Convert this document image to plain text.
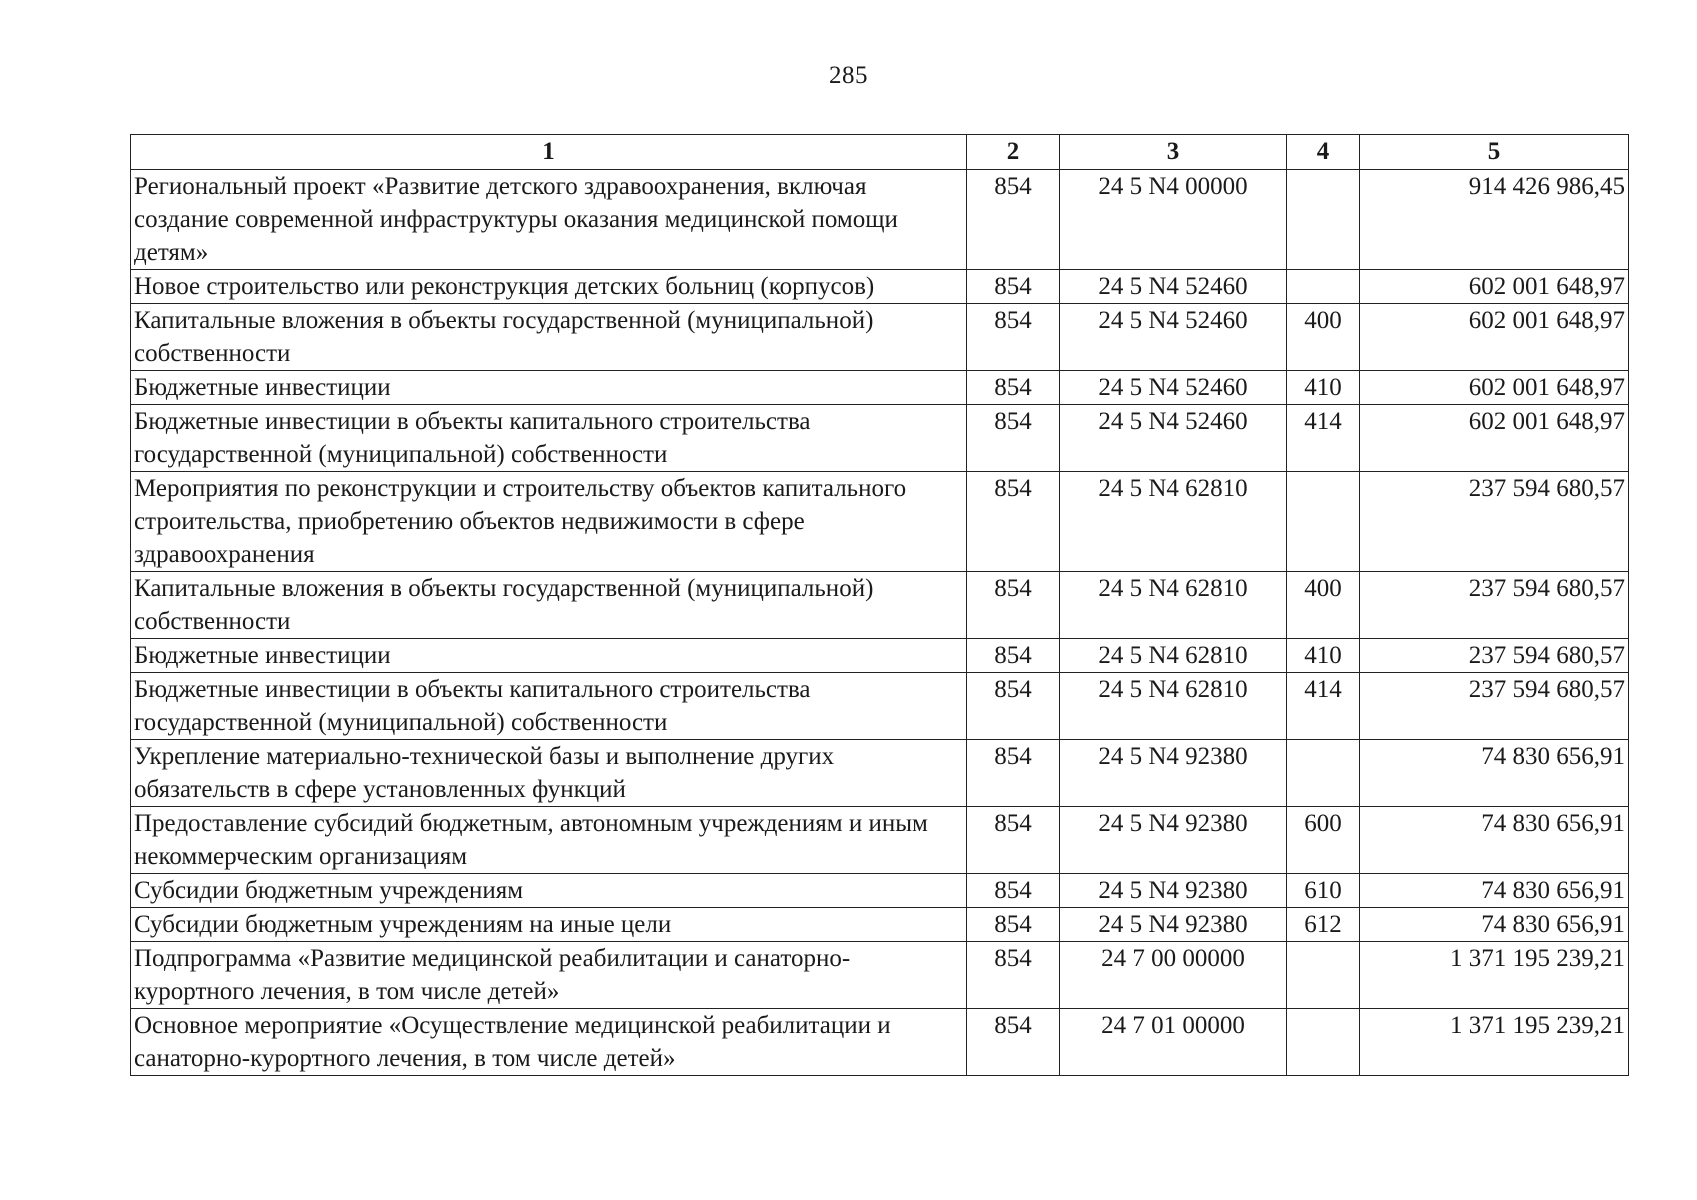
285
1	2	3	4	5
Региональный проект «Развитие детского здравоохранения, включая создание современной инфраструктуры оказания медицинской помощи детям»	854	24 5 N4 00000		914 426 986,45
Новое строительство или реконструкция детских больниц (корпусов)	854	24 5 N4 52460		602 001 648,97
Капитальные вложения в объекты государственной (муниципальной) собственности	854	24 5 N4 52460	400	602 001 648,97
Бюджетные инвестиции	854	24 5 N4 52460	410	602 001 648,97
Бюджетные инвестиции в объекты капитального строительства государственной (муниципальной) собственности	854	24 5 N4 52460	414	602 001 648,97
Мероприятия по реконструкции и строительству объектов капитального строительства, приобретению объектов недвижимости в сфере здравоохранения	854	24 5 N4 62810		237 594 680,57
Капитальные вложения в объекты государственной (муниципальной) собственности	854	24 5 N4 62810	400	237 594 680,57
Бюджетные инвестиции	854	24 5 N4 62810	410	237 594 680,57
Бюджетные инвестиции в объекты капитального строительства государственной (муниципальной) собственности	854	24 5 N4 62810	414	237 594 680,57
Укрепление материально-технической базы и выполнение других обязательств в сфере установленных функций	854	24 5 N4 92380		74 830 656,91
Предоставление субсидий бюджетным, автономным учреждениям и иным некоммерческим организациям	854	24 5 N4 92380	600	74 830 656,91
Субсидии бюджетным учреждениям	854	24 5 N4 92380	610	74 830 656,91
Субсидии бюджетным учреждениям на иные цели	854	24 5 N4 92380	612	74 830 656,91
Подпрограмма «Развитие медицинской реабилитации и санаторно-курортного лечения, в том числе детей»	854	24 7 00 00000		1 371 195 239,21
Основное мероприятие «Осуществление медицинской реабилитации и санаторно-курортного лечения, в том числе детей»	854	24 7 01 00000		1 371 195 239,21
